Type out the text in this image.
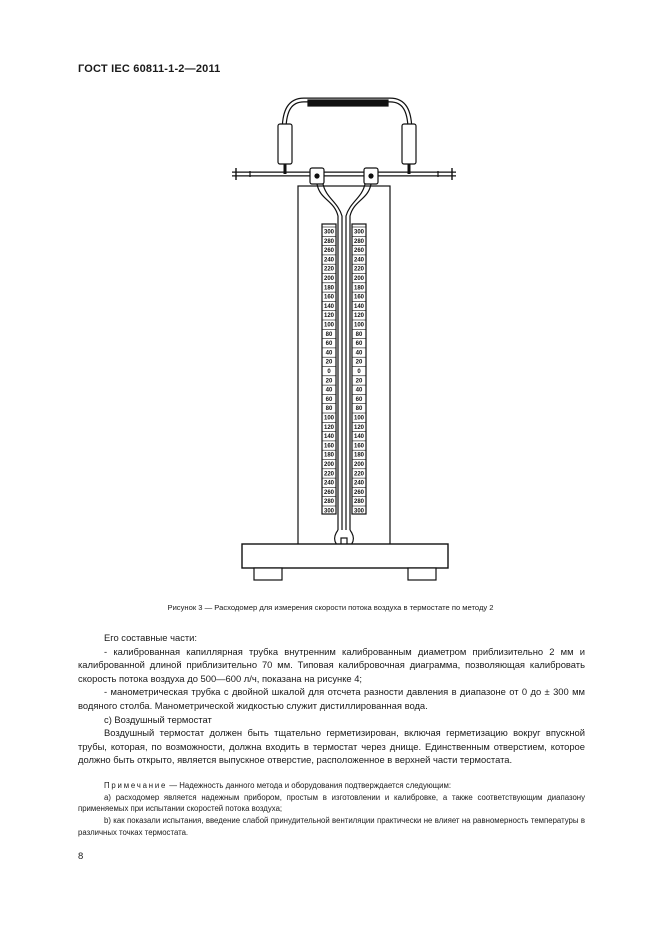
ГОСТ IEC 60811-1-2—2011
300
280
260
240
220
200
180
160
140
120
100
80
60
40
20
0
20
40
60
80
100
120
140
160
180
200
220
240
260
280
300
300
280
260
240
220
200
180
160
140
120
100
80
60
40
20
0
20
40
60
80
100
120
140
160
180
200
220
240
260
280
300
Рисунок 3 — Расходомер для измерения скорости потока воздуха в термостате по методу 2

Его составные части:

- калиброванная капиллярная трубка внутренним калиброванным диаметром приблизительно 2 мм и калиброванной длиной приблизительно 70 мм. Типовая калибровочная диаграмма, позволяющая калибровать скорость потока воздуха до 500—600 л/ч, показана на рисунке 4;

- манометрическая трубка с двойной шкалой для отсчета разности давления в диапазоне от 0 до ± 300 мм водяного столба. Манометрической жидкостью служит дистиллированная вода.

с) Воздушный термостат

Воздушный термостат должен быть тщательно герметизирован, включая герметизацию вокруг впускной трубы, которая, по возможности, должна входить в термостат через днище. Единственным отверстием, которое должно быть открыто, является выпускное отверстие, расположенное в верхней части термостата.

Примечание — Надежность данного метода и оборудования подтверждается следующим:

a) расходомер является надежным прибором, простым в изготовлении и калибровке, а также соответствующим диапазону применяемых при испытании скоростей потока воздуха;

b) как показали испытания, введение слабой принудительной вентиляции практически не влияет на равномерность температуры в различных точках термостата.

8
